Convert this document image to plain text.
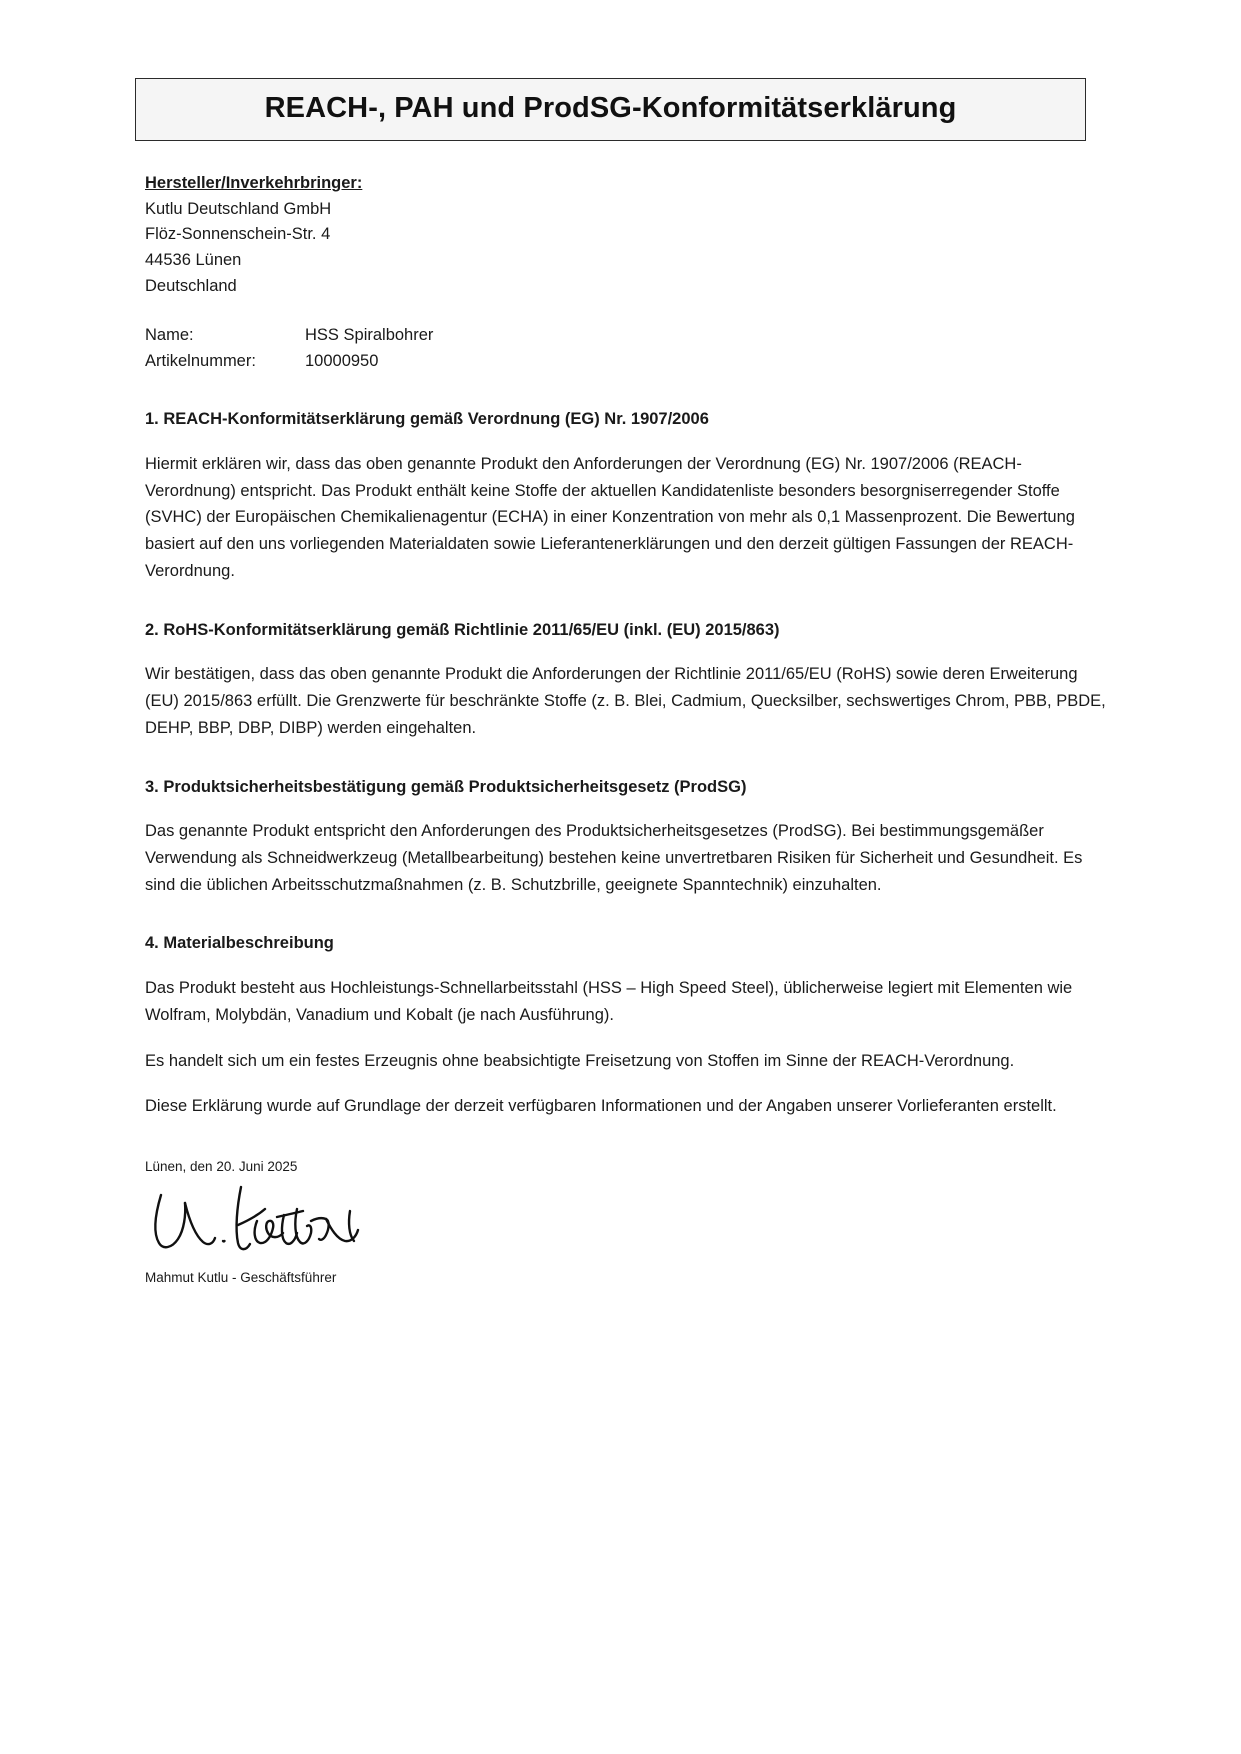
REACH-, PAH und ProdSG-Konformitätserklärung
Hersteller/Inverkehrbringer:
Kutlu Deutschland GmbH
Flöz-Sonnenschein-Str. 4
44536 Lünen
Deutschland
Name:	HSS Spiralbohrer
Artikelnummer:	10000950
1. REACH-Konformitätserklärung gemäß Verordnung (EG) Nr. 1907/2006
Hiermit erklären wir, dass das oben genannte Produkt den Anforderungen der Verordnung (EG) Nr. 1907/2006 (REACH-Verordnung) entspricht. Das Produkt enthält keine Stoffe der aktuellen Kandidatenliste besonders besorgniserregender Stoffe (SVHC) der Europäischen Chemikalienagentur (ECHA) in einer Konzentration von mehr als 0,1 Massenprozent. Die Bewertung basiert auf den uns vorliegenden Materialdaten sowie Lieferantenerklärungen und den derzeit gültigen Fassungen der REACH-Verordnung.
2. RoHS-Konformitätserklärung gemäß Richtlinie 2011/65/EU (inkl. (EU) 2015/863)
Wir bestätigen, dass das oben genannte Produkt die Anforderungen der Richtlinie 2011/65/EU (RoHS) sowie deren Erweiterung (EU) 2015/863 erfüllt. Die Grenzwerte für beschränkte Stoffe (z. B. Blei, Cadmium, Quecksilber, sechswertiges Chrom, PBB, PBDE, DEHP, BBP, DBP, DIBP) werden eingehalten.
3. Produktsicherheitsbestätigung gemäß Produktsicherheitsgesetz (ProdSG)
Das genannte Produkt entspricht den Anforderungen des Produktsicherheitsgesetzes (ProdSG). Bei bestimmungsgemäßer Verwendung als Schneidwerkzeug (Metallbearbeitung) bestehen keine unvertretbaren Risiken für Sicherheit und Gesundheit. Es sind die üblichen Arbeitsschutzmaßnahmen (z. B. Schutzbrille, geeignete Spanntechnik) einzuhalten.
4. Materialbeschreibung
Das Produkt besteht aus Hochleistungs-Schnellarbeitsstahl (HSS – High Speed Steel), üblicherweise legiert mit Elementen wie Wolfram, Molybdän, Vanadium und Kobalt (je nach Ausführung).
Es handelt sich um ein festes Erzeugnis ohne beabsichtigte Freisetzung von Stoffen im Sinne der REACH-Verordnung.
Diese Erklärung wurde auf Grundlage der derzeit verfügbaren Informationen und der Angaben unserer Vorlieferanten erstellt.
Lünen, den 20. Juni 2025
Mahmut Kutlu - Geschäftsführer
